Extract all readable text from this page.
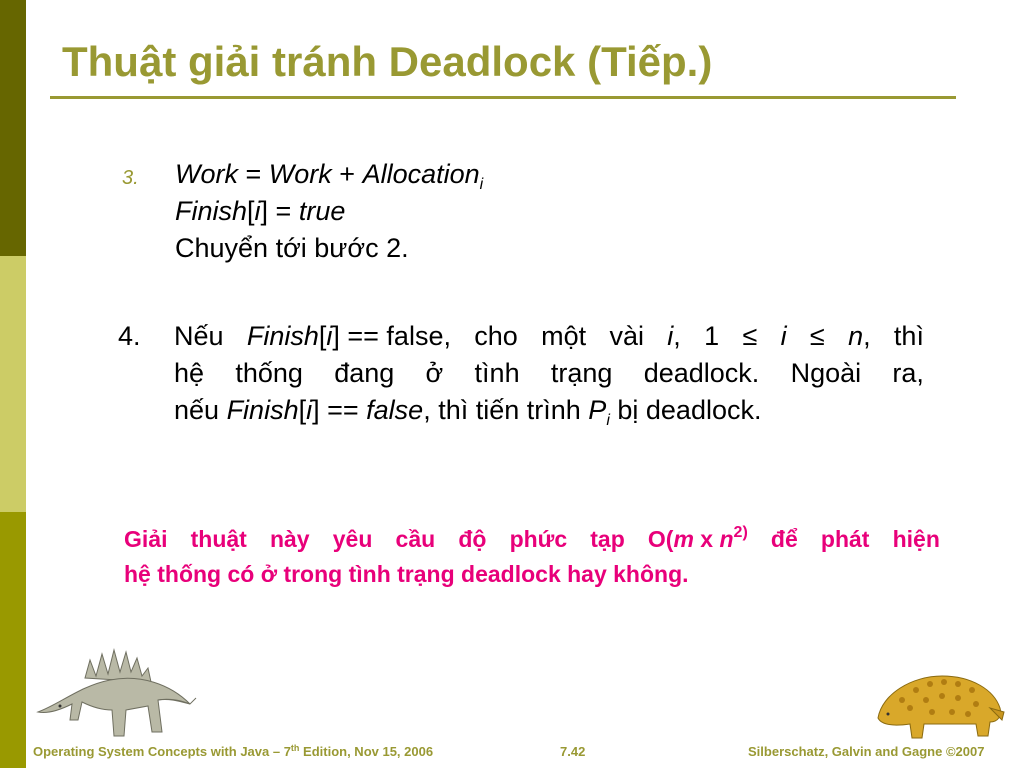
Thuật giải tránh Deadlock (Tiếp.)
3. Work = Work + Allocation$_i$
Finish[i] = true
Chuyển tới bước 2.
4. Nếu Finish[i] == false, cho một vài i, 1 ≤ i ≤ n, thì
hệ thống đang ở tình trạng deadlock. Ngoài ra,
nếu Finish[i] == false, thì tiến trình $P_i$ bị deadlock.
Giải thuật này yêu cầu độ phức tạp O(m x $n^{2)}$ để phát hiện
hệ thống có ở trong tình trạng deadlock hay không.
Operating System Concepts with Java – 7th Edition, Nov 15, 2006	7.42	Silberschatz, Galvin and Gagne ©2007
